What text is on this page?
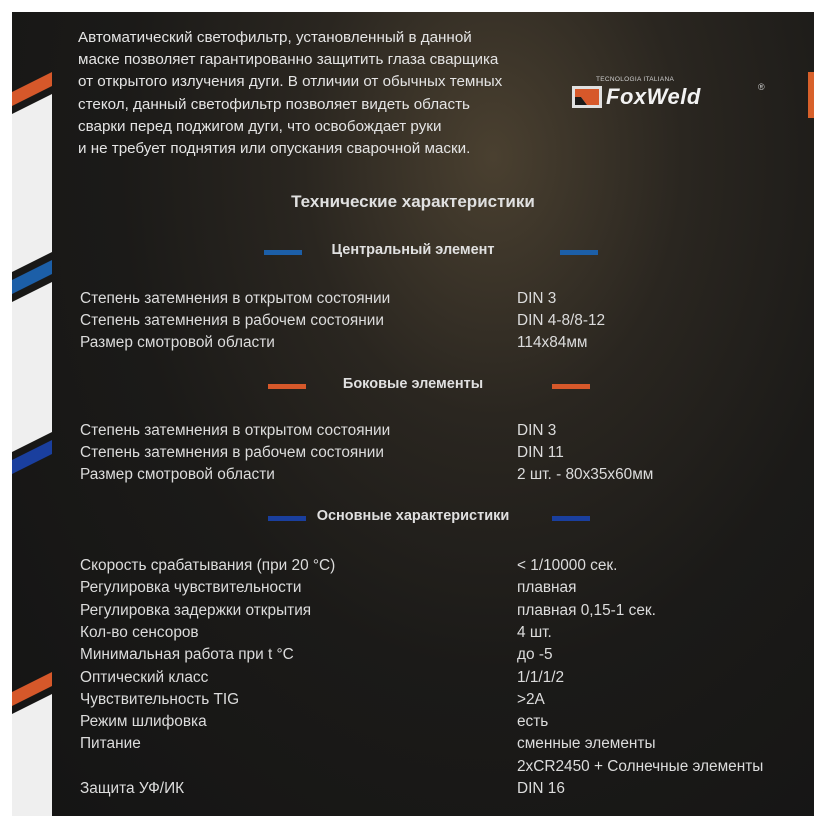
Автоматический светофильтр, установленный в данной
маске позволяет гарантированно защитить глаза сварщика
от открытого излучения дуги. В отличии от обычных темных
стекол, данный светофильтр позволяет видеть область
сварки перед поджигом дуги, что освобождает руки
и не требует поднятия или опускания сварочной маски.
TECNOLOGIA ITALIANA
FoxWeld	®
Технические характеристики
Центральный элемент
Степень затемнения в открытом состоянии	DIN 3
Степень затемнения в рабочем состоянии	DIN 4-8/8-12
Размер смотровой области	114х84мм
Боковые элементы
Степень затемнения в открытом состоянии	DIN 3
Степень затемнения в рабочем состоянии	DIN 11
Размер смотровой области	2 шт. - 80х35х60мм
Основные характеристики
Скорость срабатывания (при 20 °С)	< 1/10000 сек.
Регулировка чувствительности	плавная
Регулировка задержки открытия	плавная 0,15-1 сек.
Кол-во сенсоров	4 шт.
Минимальная работа при t °С	до -5
Оптический класс	1/1/1/2
Чувствительность TIG	>2А
Режим шлифовка	есть
Питание	сменные элементы
2хCR2450 + Солнечные элементы
Защита УФ/ИК	DIN 16
